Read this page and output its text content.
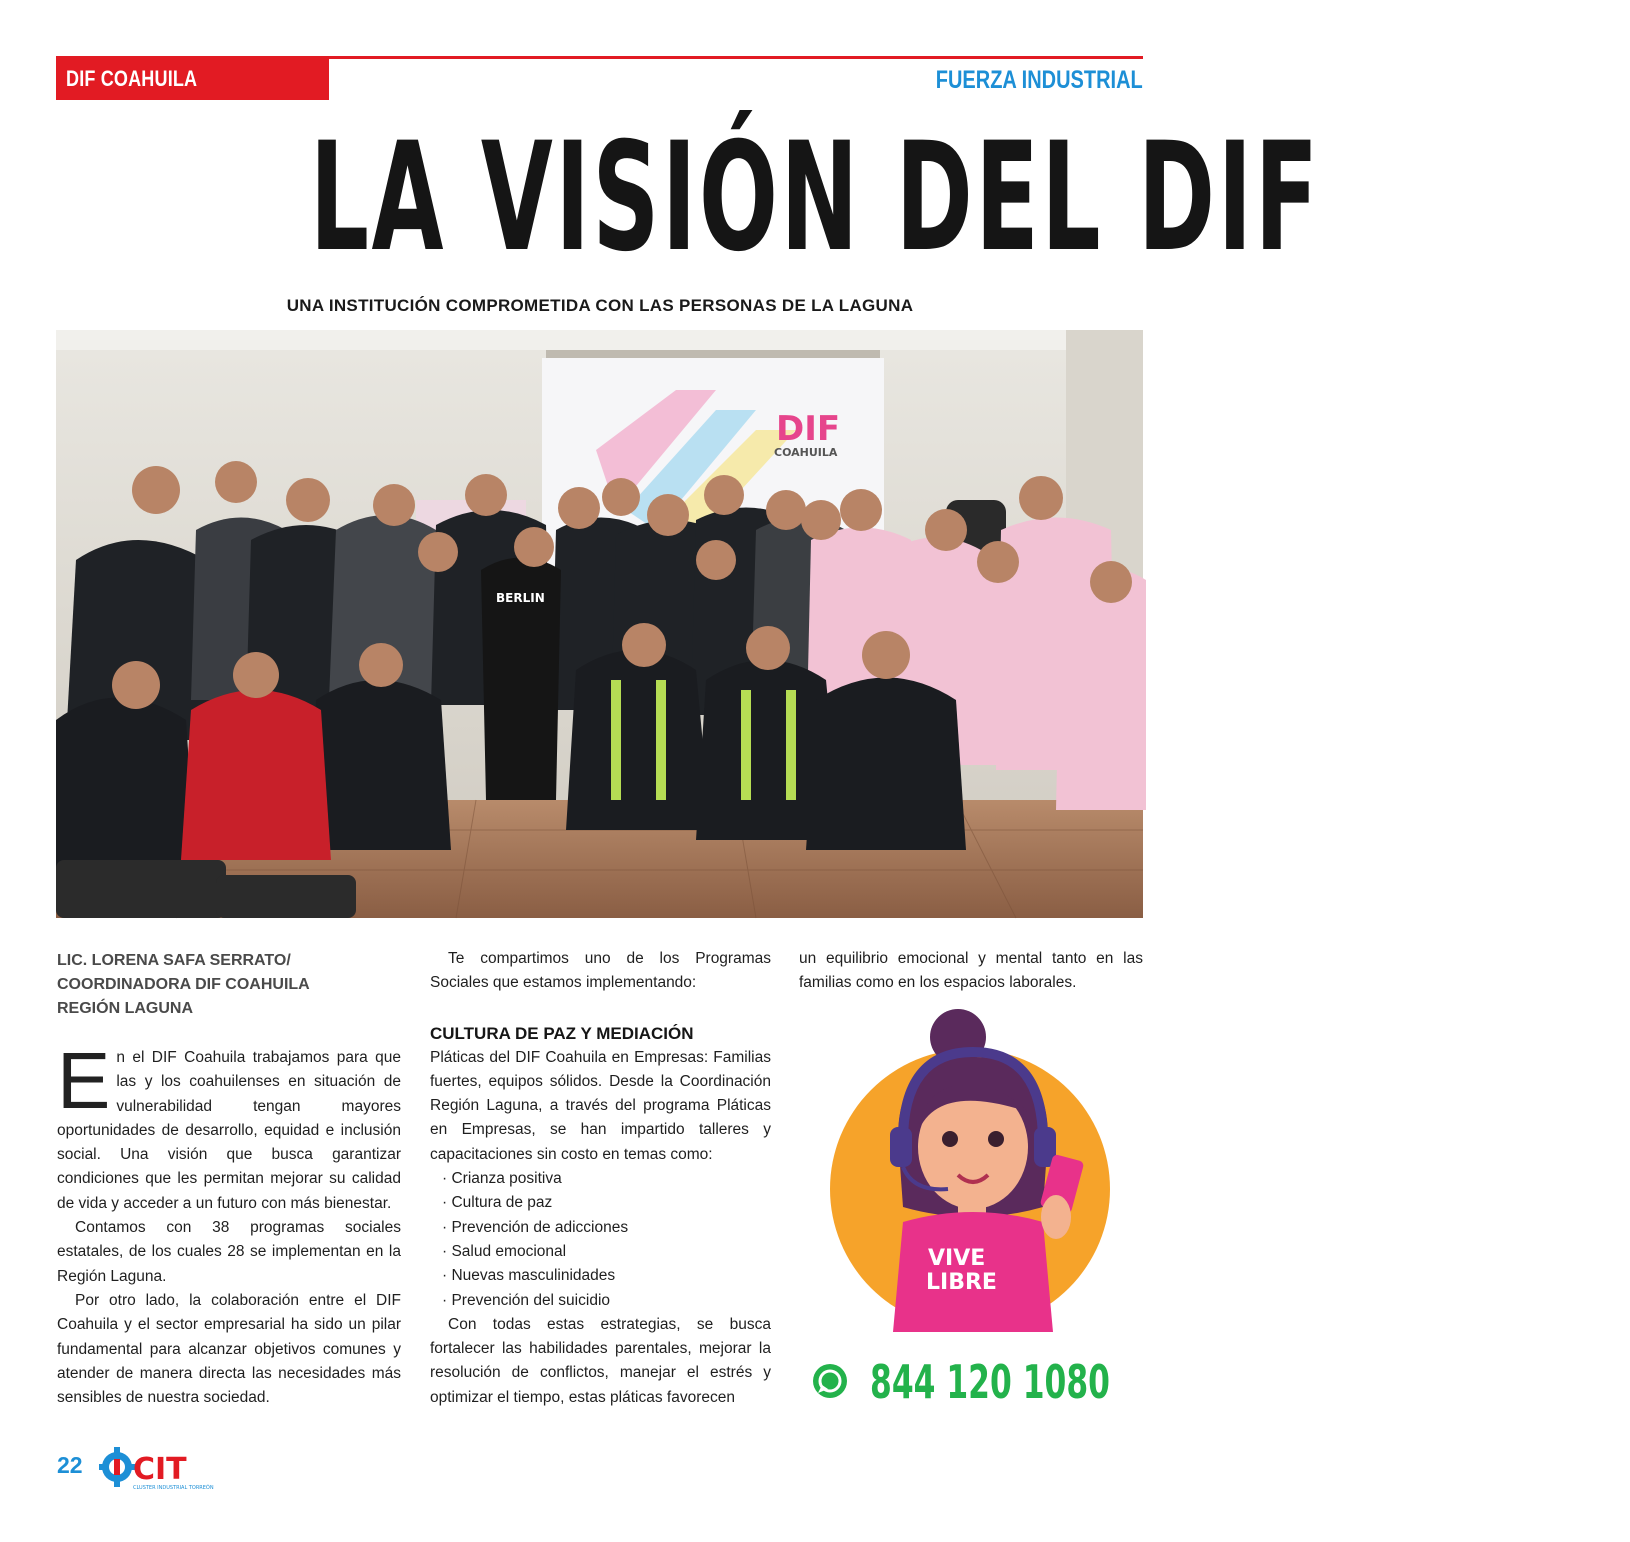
DIF COAHUILA	FUERZA INDUSTRIAL
LA VISIÓN DEL DIF
UNA INSTITUCIÓN COMPROMETIDA CON LAS PERSONAS DE LA LAGUNA
DIF
COAHUILA
BERLIN
LIC. LORENA SAFA SERRATO/
COORDINADORA DIF COAHUILA
REGIÓN LAGUNA

En el DIF Coahuila trabajamos para que las y los coahuilenses en situación de vulnerabilidad tengan mayores oportunidades de desarrollo, equidad e inclusión social. Una visión que busca garantizar condiciones que les permitan mejorar su calidad de vida y acceder a un futuro con más bienestar.

Contamos con 38 programas sociales estatales, de los cuales 28 se implementan en la Región Laguna.

Por otro lado, la colaboración entre el DIF Coahuila y el sector empresarial ha sido un pilar fundamental para alcanzar objetivos comunes y atender de manera directa las necesidades más sensibles de nuestra sociedad.

Te compartimos uno de los Programas Sociales que estamos implementando:

CULTURA DE PAZ Y MEDIACIÓN

Pláticas del DIF Coahuila en Empresas: Familias fuertes, equipos sólidos. Desde la Coordinación Región Laguna, a través del programa Pláticas en Empresas, se han impartido talleres y capacitaciones sin costo en temas como:

· Crianza positiva
· Cultura de paz
· Prevención de adicciones
· Salud emocional
· Nuevas masculinidades
· Prevención del suicidio

Con todas estas estrategias, se busca fortalecer las habilidades parentales, mejorar la resolución de conflictos, manejar el estrés y optimizar el tiempo, estas pláticas favorecen

un equilibrio emocional y mental tanto en las familias como en los espacios laborales.

VIVE
LIBRE
844 120 1080
22 CIT
CLUSTER INDUSTRIAL TORREÓN
